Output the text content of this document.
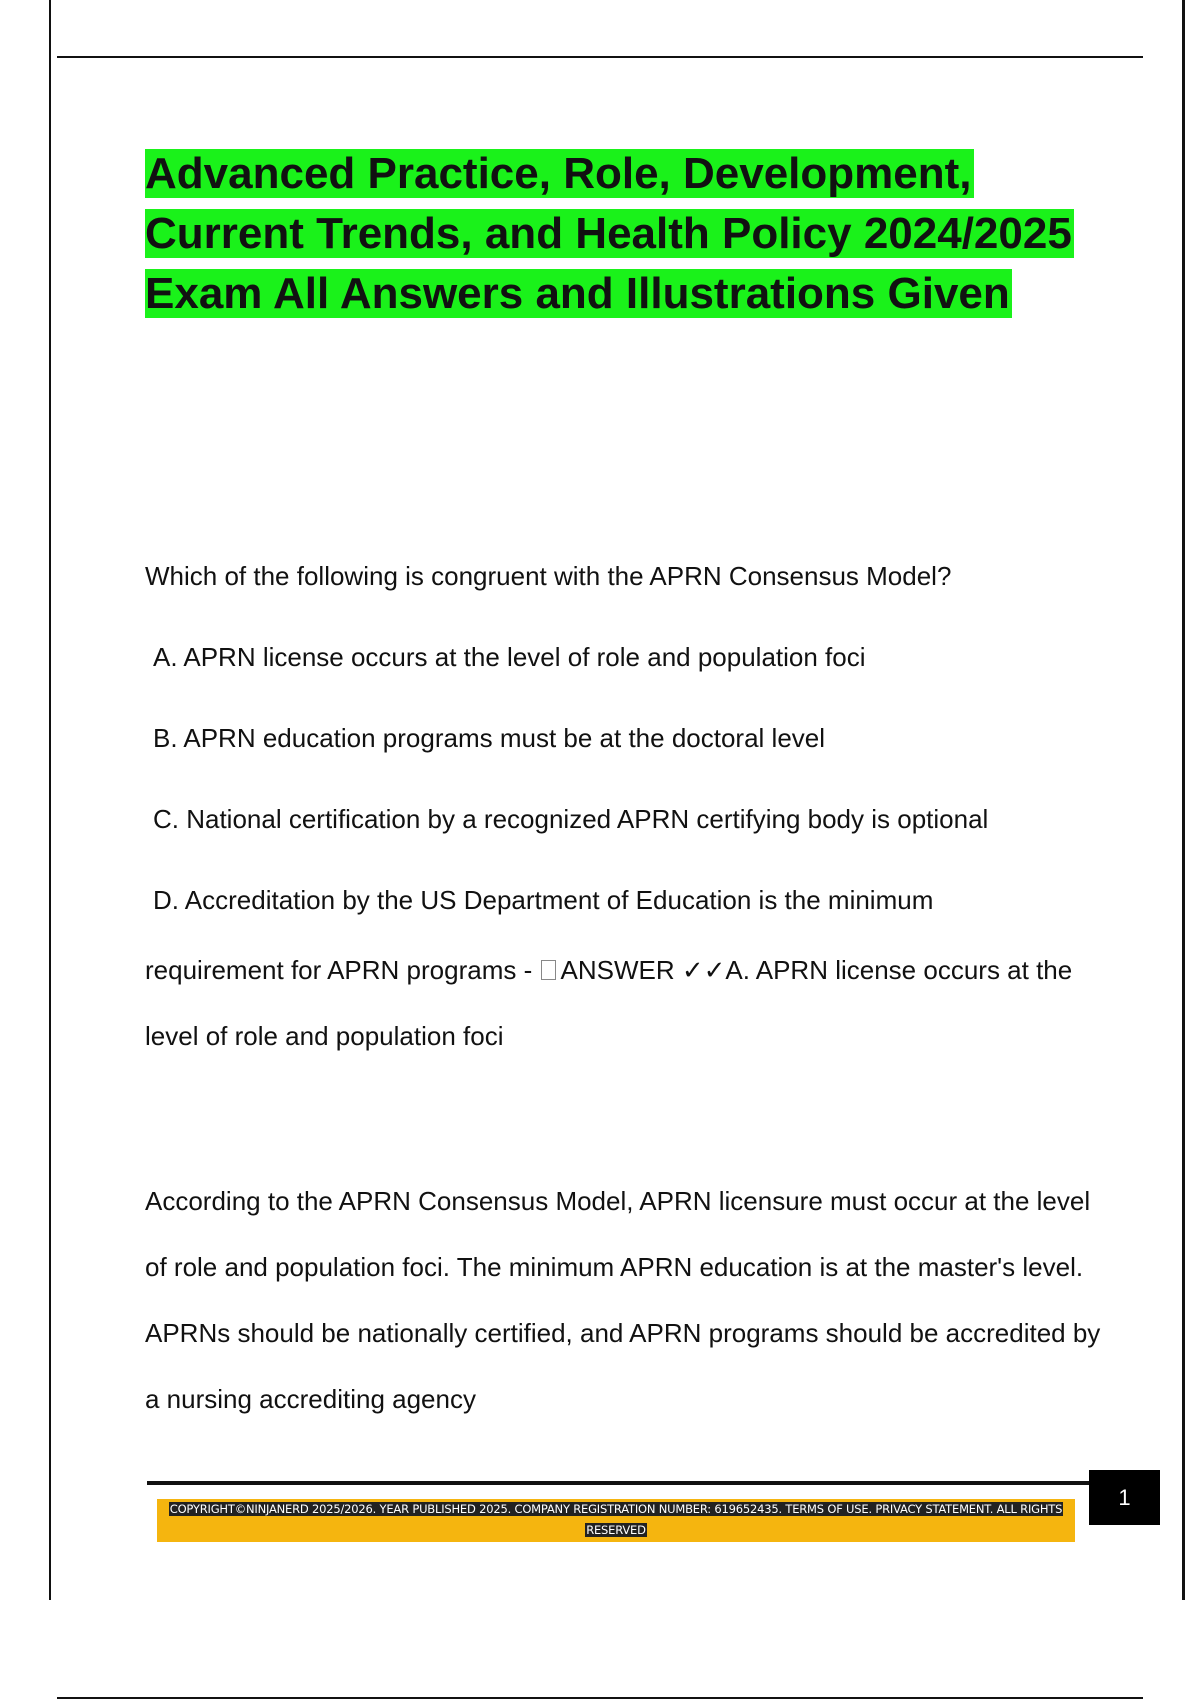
Advanced Practice, Role, Development, Current Trends, and Health Policy 2024/2025 Exam All Answers and Illustrations Given

Which of the following is congruent with the APRN Consensus Model?

A. APRN license occurs at the level of role and population foci

B. APRN education programs must be at the doctoral level

C. National certification by a recognized APRN certifying body is optional

D. Accreditation by the US Department of Education is the minimum

requirement for APRN programs - ANSWER ✓✓A. APRN license occurs at the level of role and population foci

According to the APRN Consensus Model, APRN licensure must occur at the level of role and population foci. The minimum APRN education is at the master's level. APRNs should be nationally certified, and APRN programs should be accredited by a nursing accrediting agency

1
COPYRIGHT©NINJANERD 2025/2026. YEAR PUBLISHED 2025. COMPANY REGISTRATION NUMBER: 619652435. TERMS OF USE. PRIVACY STATEMENT. ALL RIGHTS RESERVED
